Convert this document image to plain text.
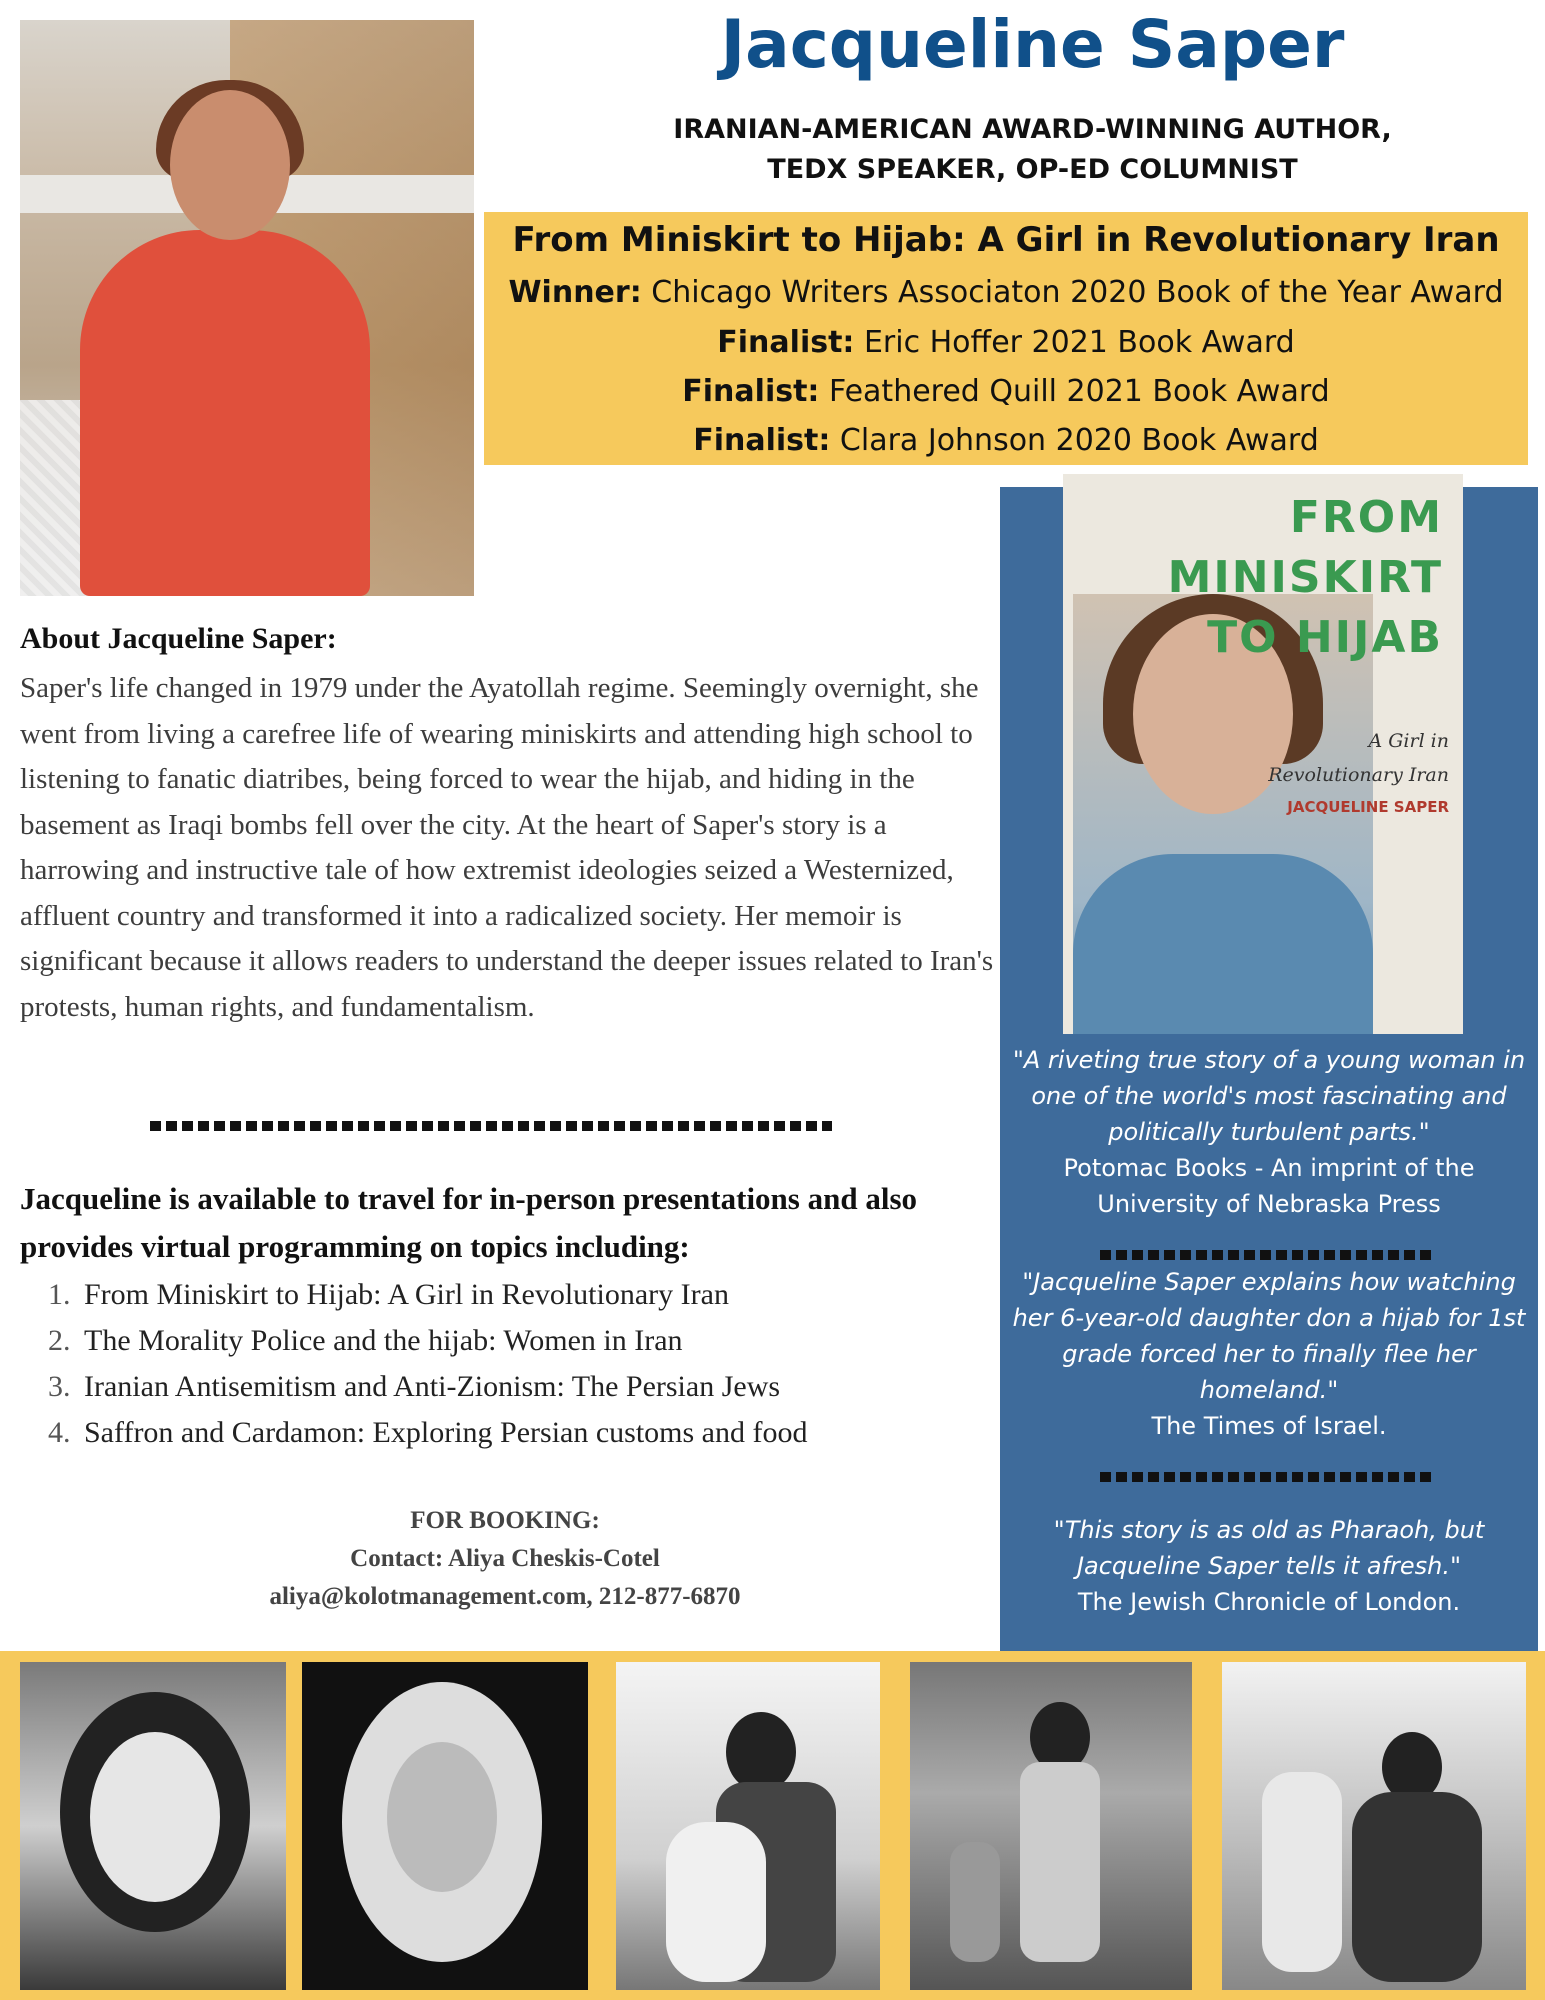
Jacqueline Saper
IRANIAN-AMERICAN AWARD-WINNING AUTHOR,
TEDX SPEAKER, OP-ED COLUMNIST
From Miniskirt to Hijab: A Girl in Revolutionary Iran
Winner: Chicago Writers Associaton 2020 Book of the Year Award
Finalist: Eric Hoffer 2021 Book Award
Finalist: Feathered Quill 2021 Book Award
Finalist: Clara Johnson 2020 Book Award
FROM MINISKIRT
TO HIJAB
A Girl in
Revolutionary Iran
JACQUELINE SAPER
"A riveting true story of a young woman in one of the world's most fascinating and politically turbulent parts."
Potomac Books - An imprint of the University of Nebraska Press
"Jacqueline Saper explains how watching her 6-year-old daughter don a hijab for 1st grade forced her to finally flee her homeland."
The Times of Israel.
"This story is as old as Pharaoh, but Jacqueline Saper tells it afresh."
The Jewish Chronicle of London.
About Jacqueline Saper:
Saper's life changed in 1979 under the Ayatollah regime. Seemingly overnight, she went from living a carefree life of wearing miniskirts and attending high school to listening to fanatic diatribes, being forced to wear the hijab, and hiding in the basement as Iraqi bombs fell over the city. At the heart of Saper's story is a harrowing and instructive tale of how extremist ideologies seized a Westernized, affluent country and transformed it into a radicalized society. Her memoir is significant because it allows readers to understand the deeper issues related to Iran's protests, human rights, and fundamentalism.
Jacqueline is available to travel for in-person presentations and also provides virtual programming on topics including:
1. From Miniskirt to Hijab: A Girl in Revolutionary Iran
2. The Morality Police and the hijab: Women in Iran
3. Iranian Antisemitism and Anti-Zionism: The Persian Jews
4. Saffron and Cardamon: Exploring Persian customs and food
FOR BOOKING:
Contact: Aliya Cheskis-Cotel
aliya@kolotmanagement.com, 212-877-6870
